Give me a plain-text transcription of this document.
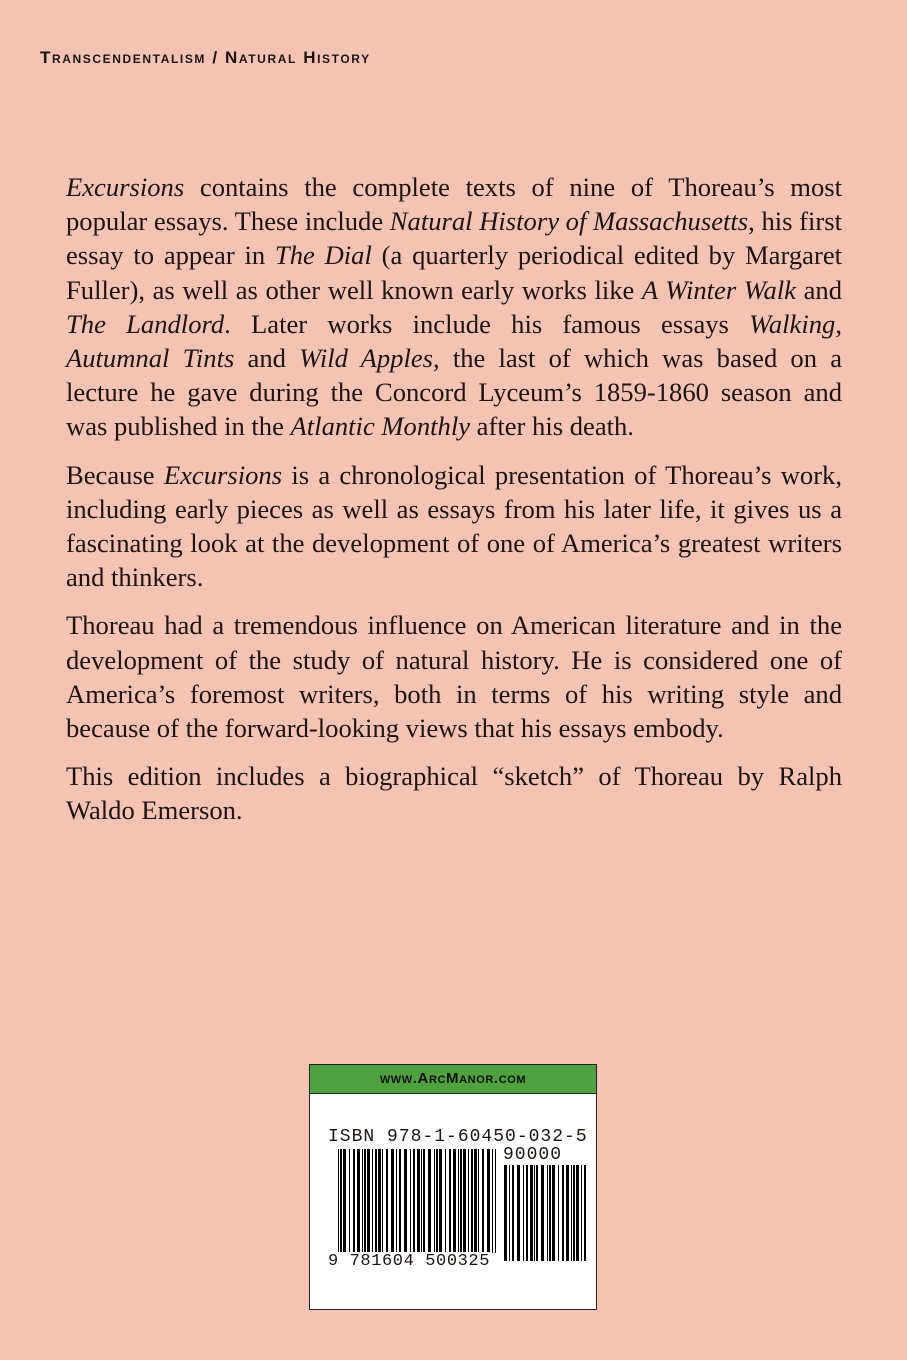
Transcendentalism / Natural History

Excursions contains the complete texts of nine of Thoreau’s most popular essays. These include Natural History of Massachusetts, his first essay to appear in The Dial (a quarterly periodical edited by Margaret Fuller), as well as other well known early works like A Winter Walk and The Landlord. Later works include his famous essays Walking, Autumnal Tints and Wild Apples, the last of which was based on a lecture he gave during the Concord Lyceum’s 1859-1860 season and was published in the Atlantic Monthly after his death.

Because Excursions is a chronological presentation of Thoreau’s work, including early pieces as well as essays from his later life, it gives us a fascinating look at the development of one of America’s greatest writers and thinkers.

Thoreau had a tremendous influence on American literature and in the development of the study of natural history. He is considered one of America’s foremost writers, both in terms of his writing style and because of the forward-looking views that his essays embody.

This edition includes a biographical “sketch” of Thoreau by Ralph Waldo Emerson.

www.ArcManor.com
ISBN 978-1-60450-032-5
90000
9 781604 500325
